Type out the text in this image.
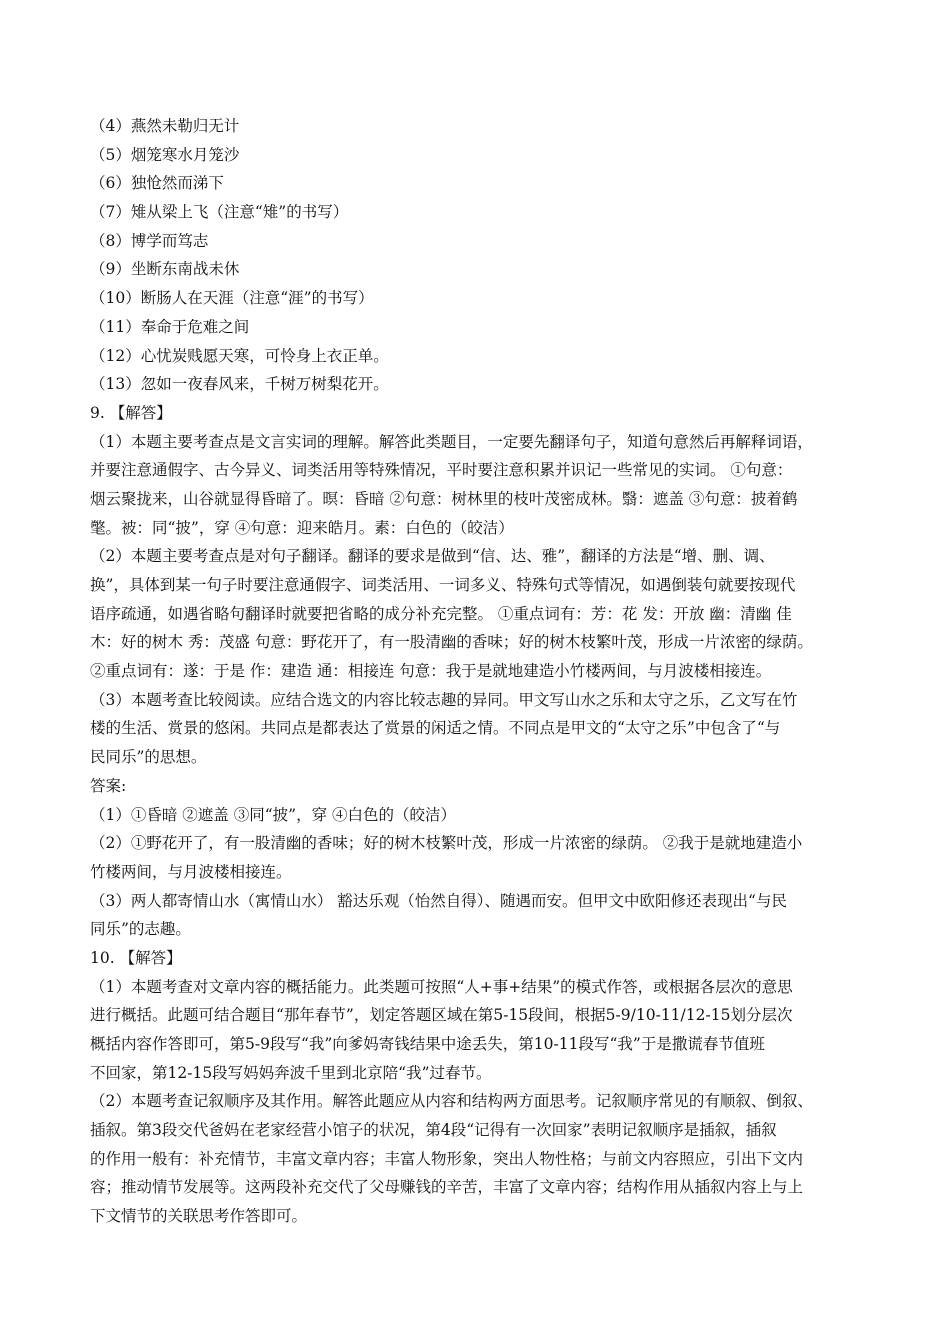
（4）燕然未勒归无计
（5）烟笼寒水月笼沙
（6）独怆然而涕下
（7）雉从梁上飞（注意“雉”的书写）
（8）博学而笃志
（9）坐断东南战未休
（10）断肠人在天涯（注意“涯”的书写）
（11）奉命于危难之间
（12）心忧炭贱愿天寒，可怜身上衣正单。
（13）忽如一夜春风来，千树万树梨花开。
9. 【解答】
（1）本题主要考查点是文言实词的理解。解答此类题目，一定要先翻译句子，知道句意然后再解释词语，
并要注意通假字、古今异义、词类活用等特殊情况，平时要注意积累并识记一些常见的实词。 ①句意：
烟云聚拢来，山谷就显得昏暗了。暝：昏暗 ②句意：树林里的枝叶茂密成林。翳：遮盖 ③句意：披着鹤
氅。被：同“披”，穿 ④句意：迎来皓月。素：白色的（皎洁）
（2）本题主要考查点是对句子翻译。翻译的要求是做到“信、达、雅”，翻译的方法是“增、删、调、
换”，具体到某一句子时要注意通假字、词类活用、一词多义、特殊句式等情况，如遇倒装句就要按现代
语序疏通，如遇省略句翻译时就要把省略的成分补充完整。 ①重点词有：芳：花 发：开放 幽：清幽 佳
木：好的树木 秀：茂盛 句意：野花开了，有一股清幽的香味；好的树木枝繁叶茂，形成一片浓密的绿荫。
②重点词有：遂：于是 作：建造 通：相接连 句意：我于是就地建造小竹楼两间，与月波楼相接连。
（3）本题考查比较阅读。应结合选文的内容比较志趣的异同。甲文写山水之乐和太守之乐，乙文写在竹
楼的生活、赏景的悠闲。共同点是都表达了赏景的闲适之情。不同点是甲文的“太守之乐”中包含了“与
民同乐”的思想。
答案:
（1）①昏暗 ②遮盖 ③同“披”，穿 ④白色的（皎洁）
（2）①野花开了，有一股清幽的香味；好的树木枝繁叶茂，形成一片浓密的绿荫。 ②我于是就地建造小
竹楼两间，与月波楼相接连。
（3）两人都寄情山水（寓情山水） 豁达乐观（怡然自得）、随遇而安。但甲文中欧阳修还表现出“与民
同乐”的志趣。
10. 【解答】
（1）本题考查对文章内容的概括能力。此类题可按照“人+事+结果”的模式作答，或根据各层次的意思
进行概括。此题可结合题目“那年春节”，划定答题区域在第5-15段间，根据5-9/10-11/12-15划分层次
概括内容作答即可，第5-9段写“我”向爹妈寄钱结果中途丢失，第10-11段写“我”于是撒谎春节值班
不回家，第12-15段写妈妈奔波千里到北京陪“我”过春节。
（2）本题考查记叙顺序及其作用。解答此题应从内容和结构两方面思考。记叙顺序常见的有顺叙、倒叙、
插叙。第3段交代爸妈在老家经营小馆子的状况，第4段“记得有一次回家”表明记叙顺序是插叙，插叙
的作用一般有：补充情节，丰富文章内容；丰富人物形象，突出人物性格；与前文内容照应，引出下文内
容；推动情节发展等。这两段补充交代了父母赚钱的辛苦，丰富了文章内容；结构作用从插叙内容上与上
下文情节的关联思考作答即可。
